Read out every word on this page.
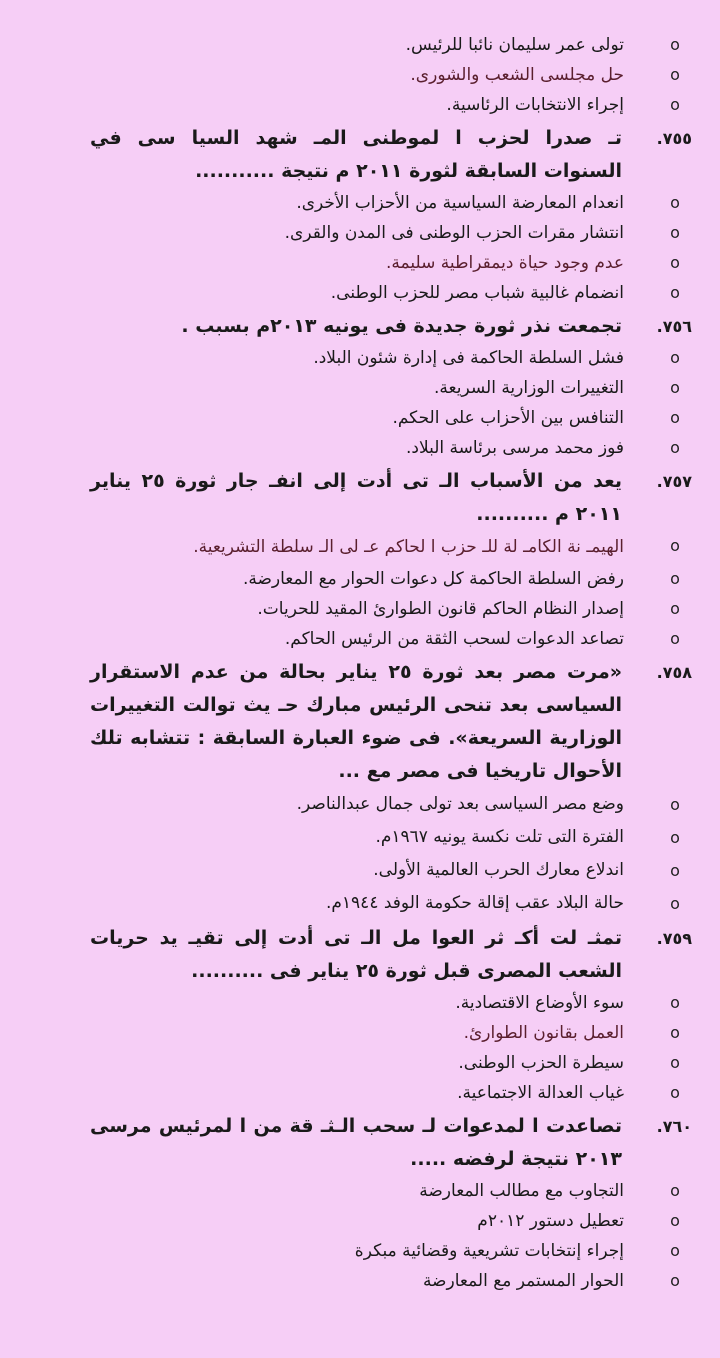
o
تولى عمر سليمان نائبا للرئيس.
o
حل مجلسى الشعب والشورى.
o
إجراء الانتخابات الرئاسية.
٧٥٥.
تـ صدرا لحزب ا لموطنى المـ شهد السيا سى في السنوات السابقة لثورة ٢٠١١ م نتيجة ...........
o
انعدام المعارضة السياسية من الأحزاب الأخرى.
o
انتشار مقرات الحزب الوطنى فى المدن والقرى.
o
عدم وجود حياة ديمقراطية سليمة.
o
انضمام غالبية شباب مصر للحزب الوطنى.
٧٥٦.
تجمعت نذر ثورة جديدة فى يونيه ٢٠١٣م بسبب .
o
فشل السلطة الحاكمة فى إدارة شئون البلاد.
o
التغييرات الوزارية السريعة.
o
التنافس بين الأحزاب على الحكم.
o
فوز محمد مرسى برئاسة البلاد.
٧٥٧.
يعد من الأسباب الـ تى أدت إلى انفـ جار ثورة ٢٥ يناير ٢٠١١ م ..........
o
الهيمـ نة الكامـ لة للـ حزب ا لحاكم عـ لى الـ سلطة التشريعية.
o
رفض السلطة الحاكمة كل دعوات الحوار مع المعارضة.
o
إصدار النظام الحاكم قانون الطوارئ المقيد للحريات.
o
تصاعد الدعوات لسحب الثقة من الرئيس الحاكم.
٧٥٨.
«مرت مصر بعد ثورة ٢٥ يناير بحالة من عدم الاستقرار السياسى بعد تنحى الرئيس مبارك حـ يث توالت التغييرات الوزارية السريعة». فى ضوء العبارة السابقة : تتشابه تلك الأحوال تاريخيا فى مصر مع ...
o
وضع مصر السياسى بعد تولى جمال عبدالناصر.
o
الفترة التى تلت نكسة يونيه ١٩٦٧م.
o
اندلاع معارك الحرب العالمية الأولى.
o
حالة البلاد عقب إقالة حكومة الوفد ١٩٤٤م.
٧٥٩.
تمثـ لت أكـ ثر العوا مل الـ تى أدت إلى تقيـ يد حريات الشعب المصرى قبل ثورة ٢٥ يناير فى ..........
o
سوء الأوضاع الاقتصادية.
o
العمل بقانون الطوارئ.
o
سيطرة الحزب الوطنى.
o
غياب العدالة الاجتماعية.
٧٦٠.
تصاعدت ا لمدعوات لـ سحب الـثـ قة من ا لمرئيس مرسى ٢٠١٣ نتيجة لرفضه .....
o
التجاوب مع مطالب المعارضة
o
تعطيل دستور ٢٠١٢م
o
إجراء إنتخابات تشريعية وقضائية مبكرة
o
الحوار المستمر مع المعارضة
